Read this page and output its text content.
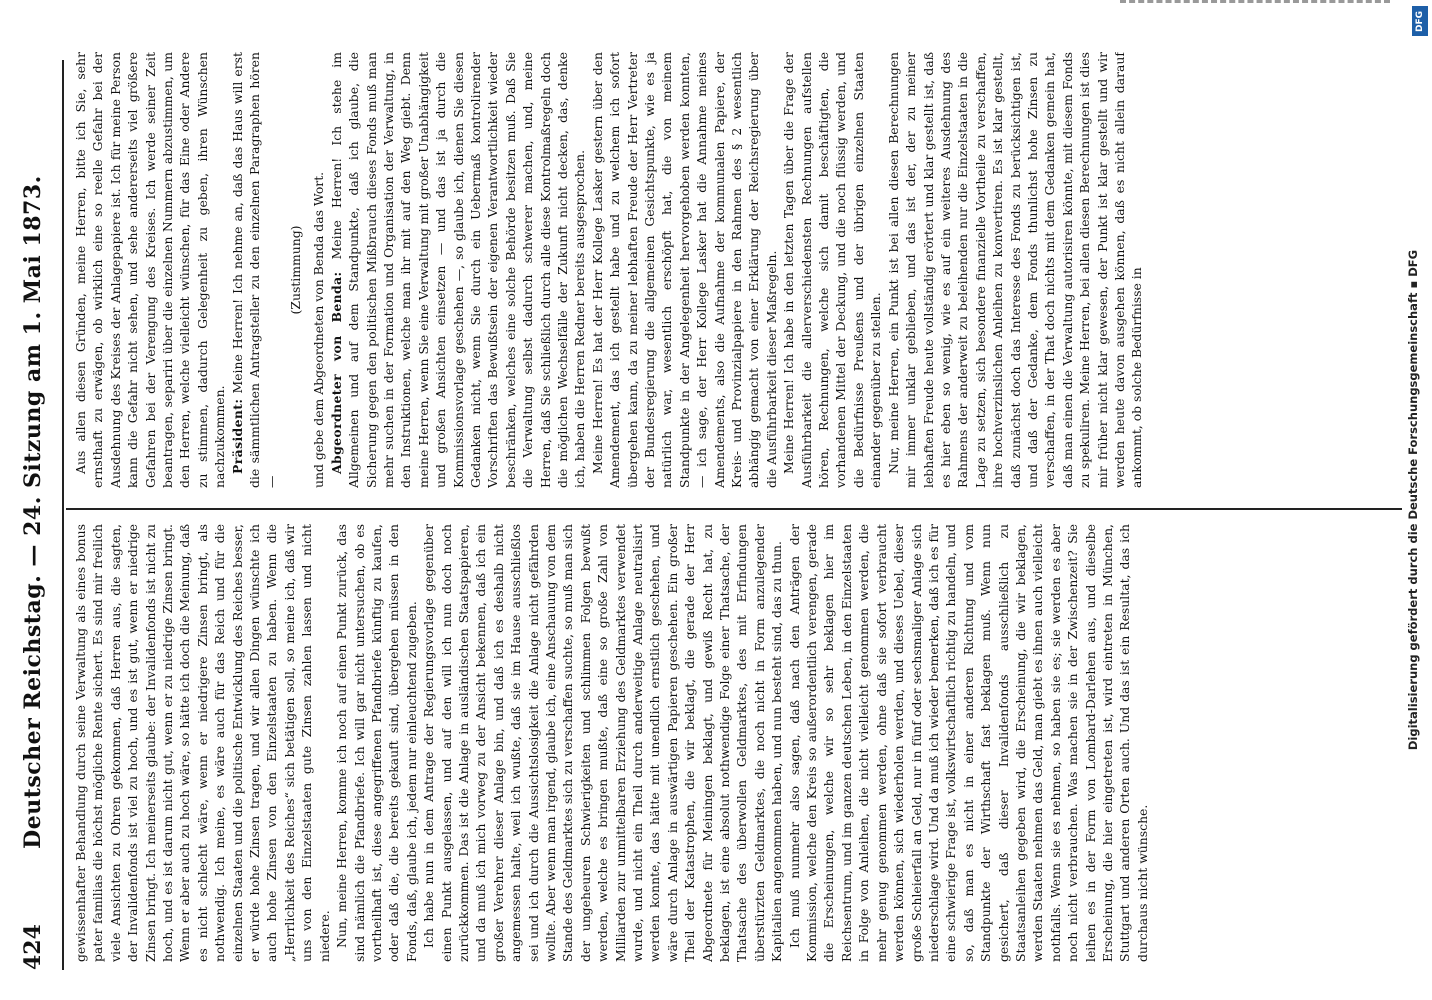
424
Deutscher Reichstag. — 24. Sitzung am 1. Mai 1873. gewissenhafter Behandlung durch seine Verwaltung als eines bonus pater familias die höchst mögliche Rente sichert. Es sind mir freilich viele Ansichten zu Ohren gekommen, daß Herren aus, die sagten, der Invalidenfonds ist viel zu hoch, und es ist gut, wenn er niedrige Zinsen bringt. Ich meinerseits glaube: der Invalidenfonds ist nicht zu hoch, und es ist darum nicht gut, wenn er zu niedrige Zinsen bringt. Wenn er aber auch zu hoch wäre, so hätte ich doch die Meinung, daß es nicht schlecht wäre, wenn er niedrigere Zinsen bringt, als nothwendig. Ich meine, es wäre auch für das Reich und für die einzelnen Staaten und die politische Entwicklung des Reiches besser, er würde hohe Zinsen tragen, und wir allen Dingen wünschte ich auch hohe Zinsen von den Einzelstaaten zu haben. Wenn die „Herrlichkeit des Reiches“ sich betätigen soll, so meine ich, daß wir uns von den Einzelstaaten gute Zinsen zahlen lassen und nicht niedere. Nun, meine Herren, komme ich noch auf einen Punkt zurück, das sind nämlich die Pfandbriefe. Ich will gar nicht untersuchen, ob es vortheilhaft ist, diese angegriffenen Pfandbriefe künftig zu kaufen, oder daß die, die bereits gekauft sind, übergehen müssen in den Fonds, daß, glaube ich, jedem nur einleuchtend zugeben. Ich habe nun in dem Antrage der Regierungsvorlage gegenüber einen Punkt ausgelassen, und auf den will ich nun doch noch zurückkommen. Das ist die Anlage in ausländischen Staatspapieren, und da muß ich mich vorweg zu der Ansicht bekennen, daß ich ein großer Verehrer dieser Anlage bin, und daß ich es deshalb nicht angemessen halte, weil ich wußte, daß sie im Hause ausschließlos sei und ich durch die Aussichtslosigkeit die Anlage nicht gefährden wollte. Aber wenn man irgend, glaube ich, eine Anschauung von dem Stande des Geldmarktes sich zu verschaffen suchte, so muß man sich der ungeheuren Schwierigkeiten und schlimmen Folgen bewußt werden, welche es bringen mußte, daß eine so große Zahl von Milliarden zur unmittelbaren Erziehung des Geldmarktes verwendet wurde, und nicht ein Theil durch anderweitige Anlage neutralisirt werden konnte, das hätte mit unendlich ernstlich geschehen, und wäre durch Anlage in auswärtigen Papieren geschehen. Ein großer Theil der Katastrophen, die wir beklagt, die gerade der Herr Abgeordnete für Meiningen beklagt, und gewiß Recht hat, zu beklagen, ist eine absolut nothwendige Folge einer Thatsache, der Thatsache des überwollen Geldmarktes, des mit Erfindungen überstürzten Geldmarktes, die noch nicht in Form anzulegender Kapitalien angenommen haben, und nun besteht sind, das zu thun. Ich muß nunmehr also sagen, daß nach den Anträgen der Kommission, welche den Kreis so außerordentlich verengen, gerade die Erscheinungen, welche wir so sehr beklagen hier im Reichsentrum, und im ganzen deutschen Leben, in den Einzelstaaten in Folge von Anleihen, die nicht vielleicht genommen werden, die mehr genug genommen werden, ohne daß sie sofort verbraucht werden können, sich wiederholen werden, und dieses Uebel, dieser große Schleierfall an Geld, nur in fünf oder sechsmaliger Anlage sich niederschlage wird. Und da muß ich wieder bemerken, daß ich es für eine schwierige Frage ist, volkswirtschaftlich richtig zu handeln, und so, daß man es nicht in einer anderen Richtung und vom Standpunkte der Wirthschaft fast beklagen muß. Wenn nun gesichert, daß dieser Invalidenfonds ausschließlich zu Staatsanleihen gegeben wird, die Erscheinung, die wir beklagen, werden Staaten nehmen das Geld, man giebt es ihnen auch vielleicht nothfalls. Wenn sie es nehmen, so haben sie es; sie werden es aber noch nicht verbrauchen. Was machen sie in der Zwischenzeit? Sie leihen es in der Form von Lombard-Darlehen aus, und dieselbe Erscheinung, die hier eingetreten ist, wird eintreten in München, Stuttgart und anderen Orten auch. Und das ist ein Resultat, das ich durchaus nicht wünsche.

Aus allen diesen Gründen, meine Herren, bitte ich Sie, sehr ernsthaft zu erwägen, ob wirklich eine so reelle Gefahr bei der Ausdehnung des Kreises der Anlagepapiere ist. Ich für meine Person kann die Gefahr nicht sehen, und sehe andererseits viel größere Gefahren bei der Verengung des Kreises. Ich werde seiner Zeit beantragen, separiri über die einzelnen Nummern abzustimmen, um den Herren, welche vielleicht wünschen, für das Eine oder Andere zu stimmen, dadurch Gelegenheit zu geben, ihren Wünschen nachzukommen. Präsident: Meine Herren! Ich nehme an, daß das Haus will erst die sämmtlichen Antragsteller zu den einzelnen Paragraphen hören —

(Zustimmung) und gebe dem Abgeordneten von Benda das Wort. Abgeordneter von Benda: Meine Herren! Ich stehe im Allgemeinen und auf dem Standpunkte, daß ich glaube, die Sicherung gegen den politischen Mißbrauch dieses Fonds muß man mehr suchen in der Formation und Organisation der Verwaltung, in den Instruktionen, welche man ihr mit auf den Weg giebt. Denn meine Herren, wenn Sie eine Verwaltung mit großer Unabhängigkeit und großen Ansichten einsetzen — und das ist ja durch die Kommissionsvorlage geschehen —, so glaube ich, dienen Sie diesen Gedanken nicht, wenn Sie durch ein Uebermaß kontrolirender Vorschriften das Bewußtsein der eigenen Verantwortlichkeit wieder beschränken, welches eine solche Behörde besitzen muß. Daß Sie die Verwaltung selbst dadurch schwerer machen, und, meine Herren, daß Sie schließlich durch alle diese Kontrolmaßregeln doch die möglichen Wechselfälle der Zukunft nicht decken, das, denke ich, haben die Herren Redner bereits ausgesprochen. Meine Herren! Es hat der Herr Kollege Lasker gestern über den Amendement, das ich gestellt habe und zu welchem ich sofort übergehen kann, da zu meiner lebhaften Freude der Herr Vertreter der Bundesregierung die allgemeinen Gesichtspunkte, wie es ja natürlich war, wesentlich erschöpft hat, die von meinem Standpunkte in der Angelegenheit hervorgehoben werden konnten, — ich sage, der Herr Kollege Lasker hat die Annahme meines Amendements, also die Aufnahme der kommunalen Papiere, der Kreis- und Provinzialpapiere in den Rahmen des § 2 wesentlich abhängig gemacht von einer Erklärung der Reichsregierung über die Ausführbarkeit dieser Maßregeln. Meine Herren! Ich habe in den letzten Tagen über die Frage der Ausführbarkeit die allerverschiedensten Rechnungen aufstellen hören, Rechnungen, welche sich damit beschäftigten, die vorhandenen Mittel der Deckung, und die noch flüssig werden, und die Bedürfnisse Preußens und der übrigen einzelnen Staaten einander gegenüber zu stellen. Nur, meine Herren, ein Punkt ist bei allen diesen Berechnungen mir immer unklar geblieben, und das ist der, der zu meiner lebhaften Freude heute vollständig erörtert und klar gestellt ist, daß es hier eben so wenig, wie es auf ein weiteres Ausdehnung des Rahmens der anderweit zu beleihenden nur die Einzelstaaten in die Lage zu setzen, sich besondere finanzielle Vortheile zu verschaffen, ihre hochverzinslichen Anleihen zu konvertiren. Es ist klar gestellt, daß zunächst doch das Interesse des Fonds zu berücksichtigen ist, und daß der Gedanke, dem Fonds thunlichst hohe Zinsen zu verschaffen, in der That doch nichts mit dem Gedanken gemein hat, daß man einen die Verwaltung autorisiren könnte, mit diesem Fonds zu spekuliren. Meine Herren, bei allen diesen Berechnungen ist dies mir früher nicht klar gewesen, der Punkt ist klar gestellt und wir werden heute davon ausgehen können, daß es nicht allein darauf ankommt, ob solche Bedürfnisse in

DFG
Digitalisierung gefördert durch die Deutsche Forschungsgemeinschaft ▪ DFG
